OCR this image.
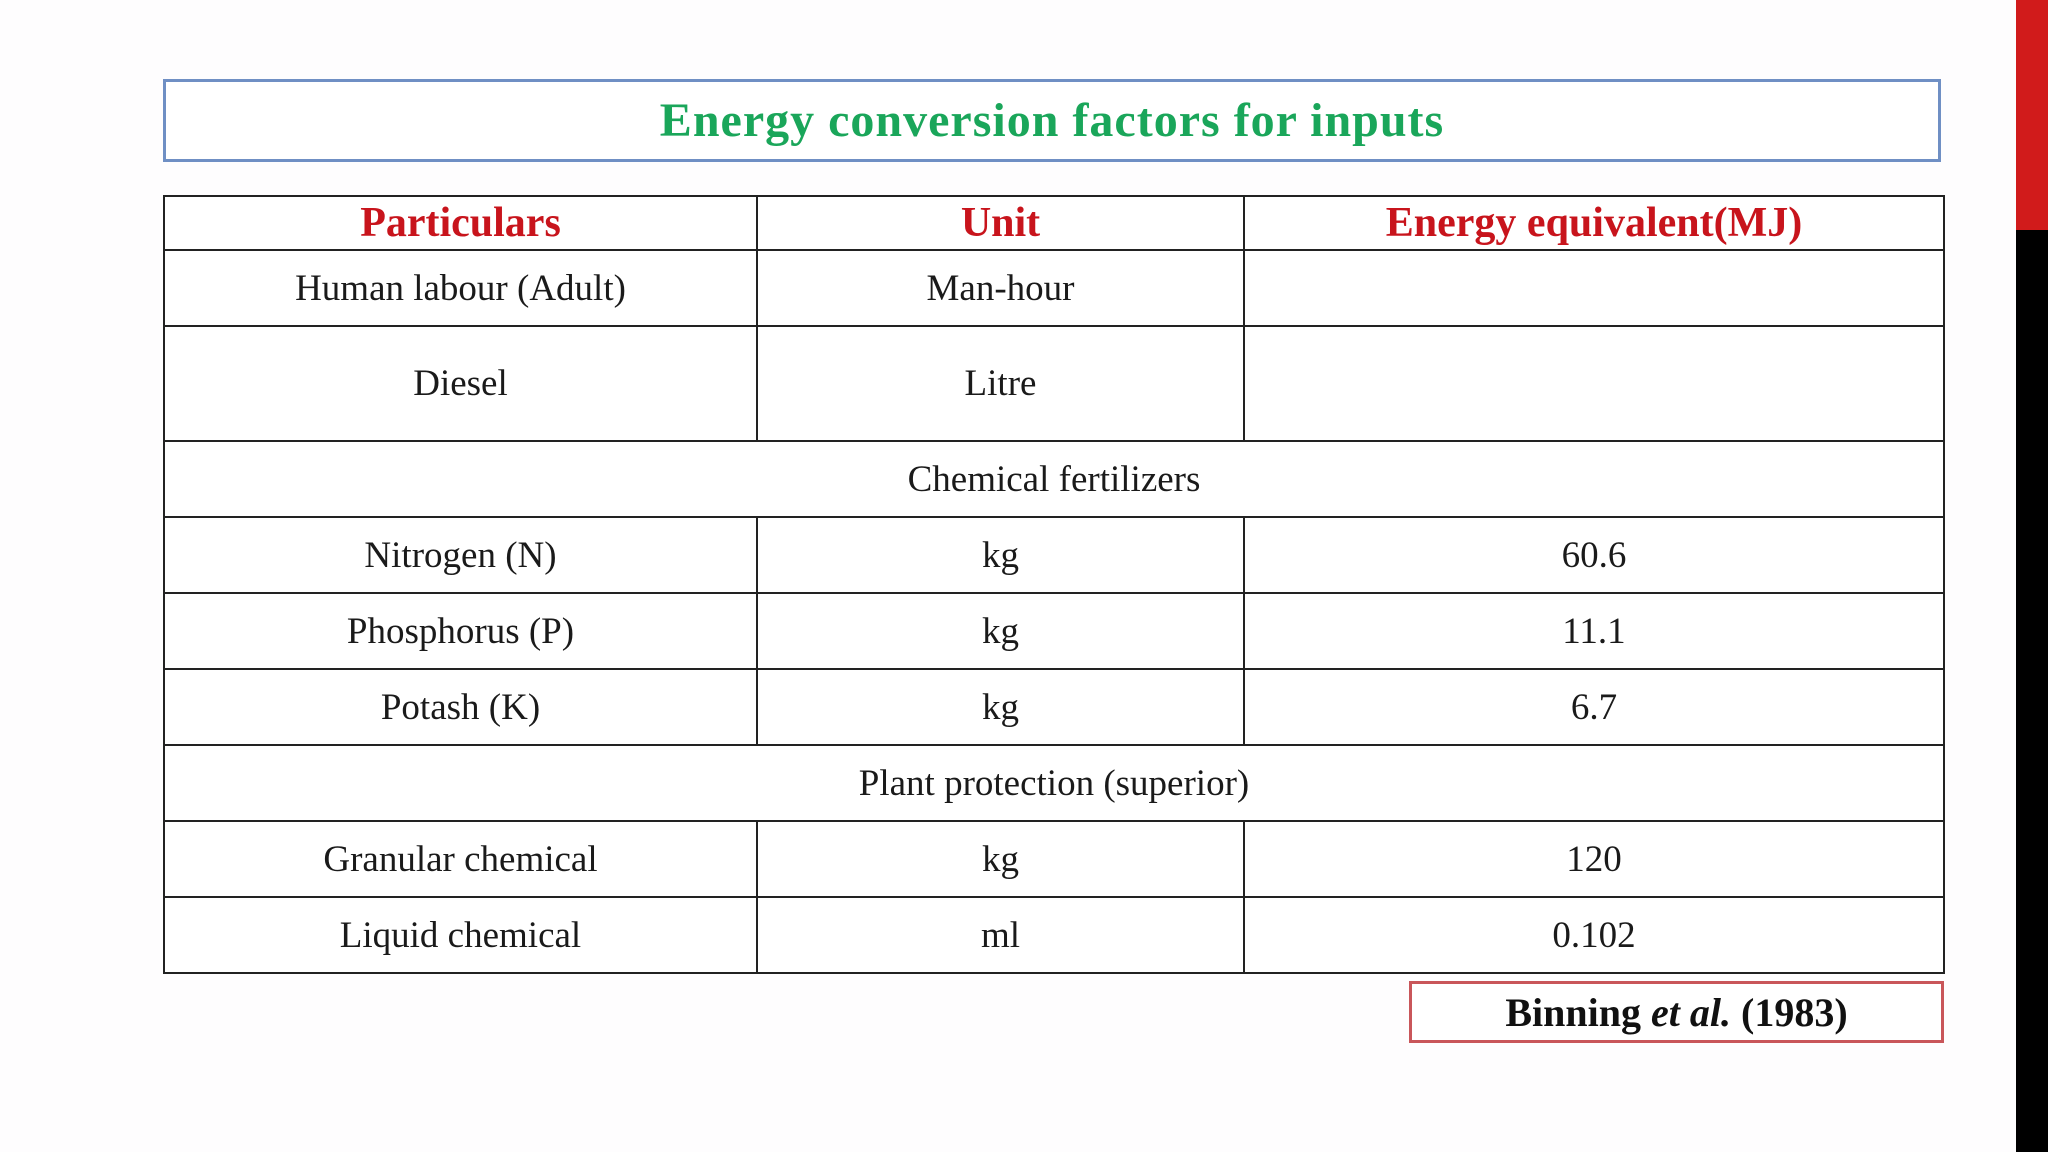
Energy conversion factors for inputs
Particulars	Unit	Energy equivalent(MJ)
Human labour (Adult)	Man-hour	
Diesel	Litre	
Chemical fertilizers		
Nitrogen (N)	kg	60.6
Phosphorus (P)	kg	11.1
Potash (K)	kg	6.7
Plant protection (superior)		
Granular chemical	kg	120
Liquid chemical	ml	0.102
Binning
et al.
(1983)
